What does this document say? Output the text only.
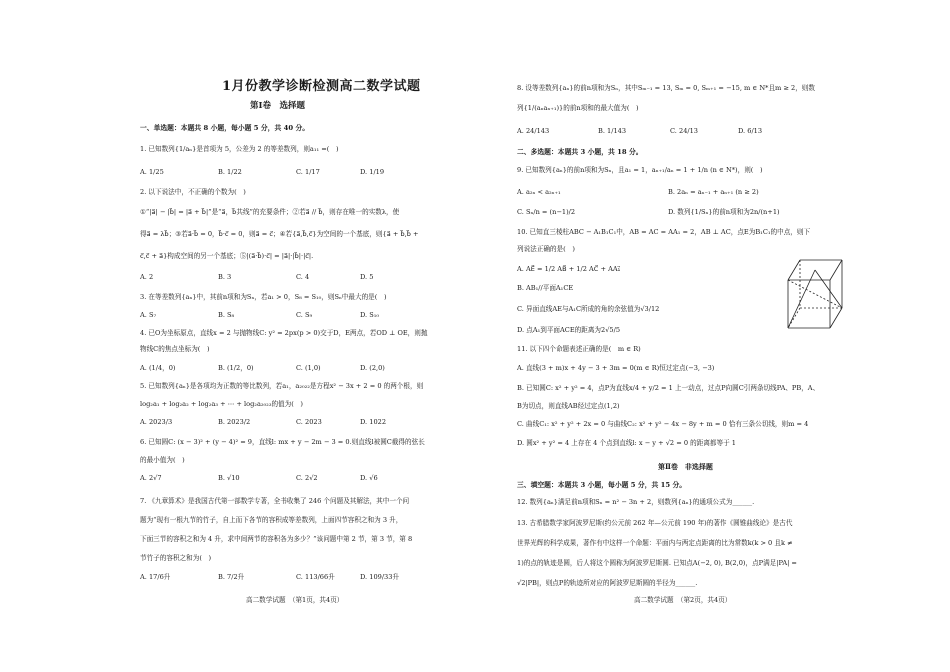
1月份教学诊断检测高二数学试题
第Ⅰ卷　选择题
一、单选题：本题共 8 小题，每小题 5 分，共 40 分。
1. 已知数列{1/aₙ}是首项为 5，公差为 2 的等差数列，则a₁₁ =(　)
A. 1/25	B. 1/22	C. 1/17	D. 1/19
2. 以下说法中，不正确的个数为(　)
①“|a⃗| − |b⃗| = |a⃗ + b⃗|”是“a⃗，b⃗共线”的充要条件；②若a⃗ // b⃗，则存在唯一的实数λ，使
得a⃗ = λb⃗；③若a⃗·b⃗ = 0，b⃗·c⃗ = 0，则a⃗ = c⃗；④若{a⃗,b⃗,c⃗}为空间的一个基底，则{a⃗ + b⃗,b⃗ +
c⃗,c⃗ + a⃗}构成空间的另一个基底；⑤|(a⃗·b⃗)·c⃗| = |a⃗|·|b⃗|·|c⃗|.
A. 2	B. 3	C. 4	D. 5
3. 在等差数列{aₙ}中，其前n项和为Sₙ，若a₁ > 0，S₈ = S₁₀，则Sₙ中最大的是(　)
A. S₇	B. S₈	C. S₉	D. S₁₀
4. 已O为坐标原点，直线x = 2 与抛物线C: y² = 2px(p > 0)交于D，E两点，若OD ⊥ OE，则抛
物线C的焦点坐标为(　)
A. (1/4，0)	B. (1/2，0)	C. (1,0)	D. (2,0)
5. 已知数列{aₙ}是各项均为正数的等比数列，若a₁，a₂₀₂₂是方程x² − 3x + 2 = 0 的两个根，则
log₂a₁ + log₂a₂ + log₂a₃ + ⋯ + log₂a₂₀₂₃的值为(　)
A. 2023/3	B. 2023/2	C. 2023	D. 1022
6. 已知圆C: (x − 3)² + (y − 4)² = 9，直线l: mx + y − 2m − 3 = 0.则直线l被圆C截得的弦长
的最小值为(　)
A. 2√7	B. √10	C. 2√2	D. √6
7. 《九章算术》是我国古代第一部数学专著，全书收集了 246 个问题及其解法，其中一个问
题为“现有一根九节的竹子，自上而下各节的容积成等差数列，上面四节容积之和为 3 升，
下面三节的容积之和为 4 升，求中间两节的容积各为多少？”该问题中第 2 节，第 3 节，第 8
节竹子的容积之和为(　)
A. 17/6升	B. 7/2升	C. 113/66升	D. 109/33升
高二数学试题　（第1页，共4页）
8. 设等差数列{aₙ}的前n项和为Sₙ，其中Sₘ₋₁ = 13, Sₘ = 0, Sₘ₊₁ = −15, m ∈ N*且m ≥ 2，则数
列{1/(aₙaₙ₊₁)}的前n项和的最大值为(　)
A. 24/143	B. 1/143	C. 24/13	D. 6/13
二、多选题：本题共 3 小题，共 18 分。
9. 已知数列{aₙ}的前n项和为Sₙ，且a₁ = 1，aₙ₊₁/aₙ = 1 + 1/n (n ∈ N*)，则(　)
A. a₂ₙ < a₂ₙ₊₁	B. 2aₙ = aₙ₋₁ + aₙ₊₁ (n ≥ 2)
C. Sₙ/n = (n−1)/2	D. 数列{1/Sₙ}的前n项和为2n/(n+1)
10. 已知直三棱柱ABC − A₁B₁C₁中，AB = AC = AA₁ = 2，AB ⊥ AC，点E为B₁C₁的中点，则下
列说法正确的是(　)
A. AE⃗ = 1/2 AB⃗ + 1/2 AC⃗ + AA₁⃗
B. AB₁//平面A₁CE
C. 异面直线AE与A₁C所成的角的余弦值为√3/12
D. 点A₁到平面ACE的距离为2√5/5
11. 以下四个命题表述正确的是(　m ∈ R)
A. 直线(3 + m)x + 4y − 3 + 3m = 0(m ∈ R)恒过定点(−3, −3)
B. 已知圆C: x² + y² = 4，点P为直线x/4 + y/2 = 1 上一动点，过点P向圆C引两条切线PA、PB，A、
B为切点，则直线AB经过定点(1,2)
C. 曲线C₁: x² + y² + 2x = 0 与曲线C₂: x² + y² − 4x − 8y + m = 0 恰有三条公切线，则m = 4
D. 圆x² + y² = 4 上存在 4 个点到直线l: x − y + √2 = 0 的距离都等于 1
第Ⅱ卷　非选择题
三、填空题：本题共 3 小题，每小题 5 分，共 15 分。
12. 数列{aₙ}满足前n项和Sₙ = n² − 3n + 2，则数列{aₙ}的通项公式为______.
13. 古希腊数学家阿波罗尼斯(约公元前 262 年—公元前 190 年)的著作《圆锥曲线论》是古代
世界光辉的科学成果，著作有中这样一个命题：平面内与两定点距离的比为常数k(k > 0 且k ≠
1)的点的轨迹是圆，后人将这个圆称为阿波罗尼斯圆. 已知点A(−2, 0), B(2,0)，点P满足|PA| =
√2|PB|，则点P的轨迹所对应的阿波罗尼斯圆的半径为______.
高二数学试题　（第2页，共4页）
